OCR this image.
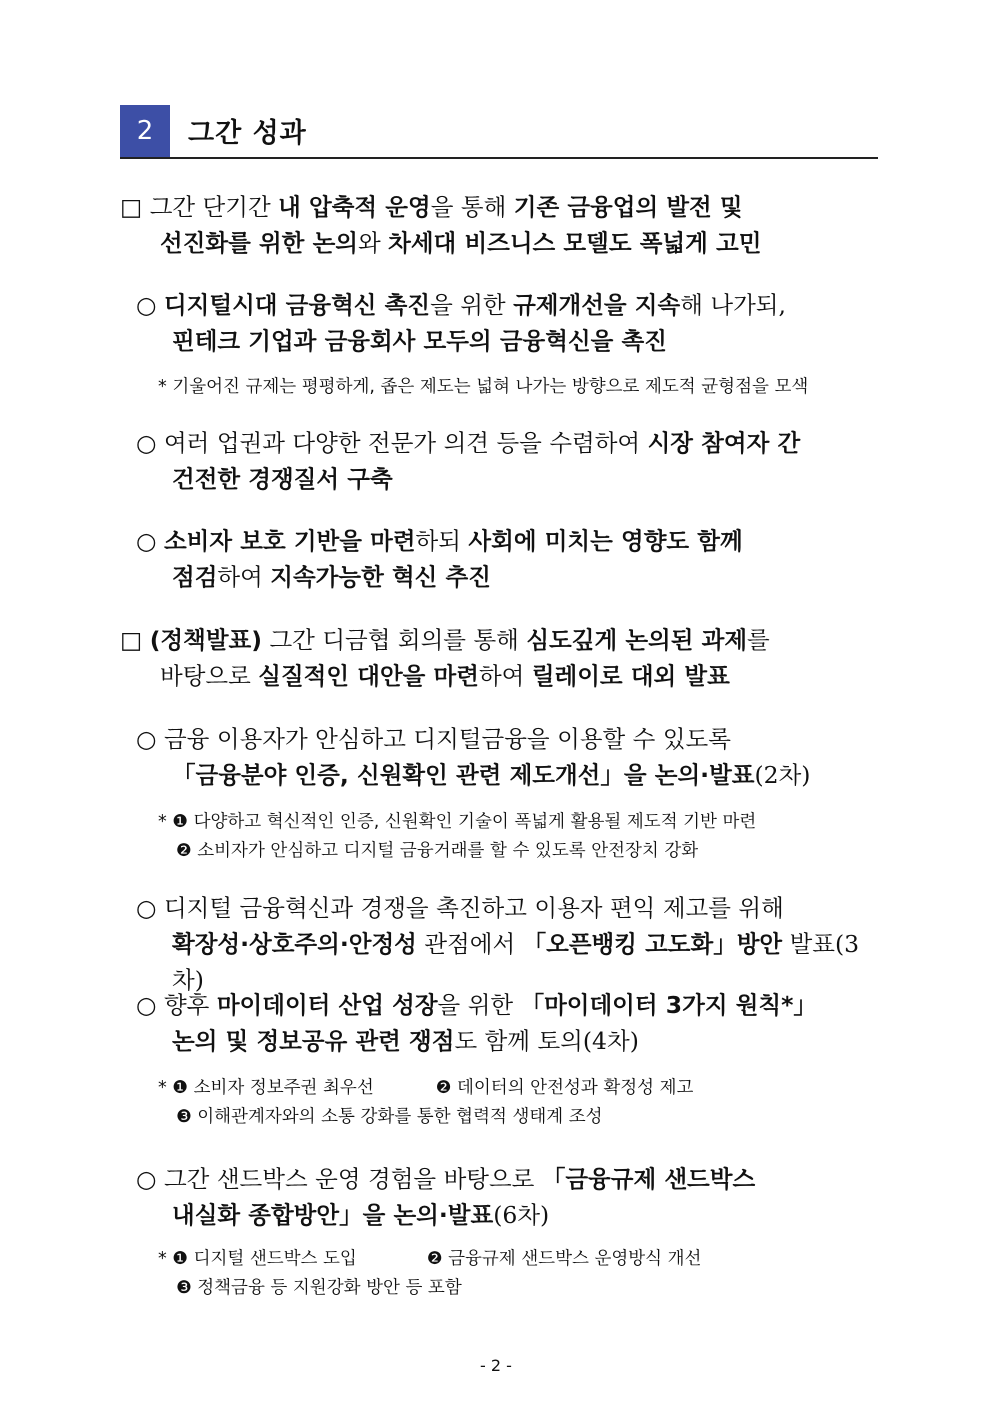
2	그간 성과
□ 그간 단기간 내 압축적 운영을 통해 기존 금융업의 발전 및
선진화를 위한 논의와 차세대 비즈니스 모델도 폭넓게 고민
○ 디지털시대 금융혁신 촉진을 위한 규제개선을 지속해 나가되,
핀테크 기업과 금융회사 모두의 금융혁신을 촉진
* 기울어진 규제는 평평하게, 좁은 제도는 넓혀 나가는 방향으로 제도적 균형점을 모색
○ 여러 업권과 다양한 전문가 의견 등을 수렴하여 시장 참여자 간
건전한 경쟁질서 구축
○ 소비자 보호 기반을 마련하되 사회에 미치는 영향도 함께
점검하여 지속가능한 혁신 추진
□ (정책발표) 그간 디금협 회의를 통해 심도깊게 논의된 과제를
바탕으로 실질적인 대안을 마련하여 릴레이로 대외 발표
○ 금융 이용자가 안심하고 디지털금융을 이용할 수 있도록
「금융분야 인증, 신원확인 관련 제도개선」을 논의·발표(2차)
* ❶ 다양하고 혁신적인 인증, 신원확인 기술이 폭넓게 활용될 제도적 기반 마련
❷ 소비자가 안심하고 디지털 금융거래를 할 수 있도록 안전장치 강화
○ 디지털 금융혁신과 경쟁을 촉진하고 이용자 편익 제고를 위해
확장성·상호주의·안정성 관점에서 「오픈뱅킹 고도화」방안 발표(3차)
○ 향후 마이데이터 산업 성장을 위한 「마이데이터 3가지 원칙*」
논의 및 정보공유 관련 쟁점도 함께 토의(4차)
* ❶ 소비자 정보주권 최우선	❷ 데이터의 안전성과 확정성 제고
❸ 이해관계자와의 소통 강화를 통한 협력적 생태계 조성
○ 그간 샌드박스 운영 경험을 바탕으로 「금융규제 샌드박스
내실화 종합방안」을 논의·발표(6차)
* ❶ 디지털 샌드박스 도입	❷ 금융규제 샌드박스 운영방식 개선
❸ 정책금융 등 지원강화 방안 등 포함
- 2 -
